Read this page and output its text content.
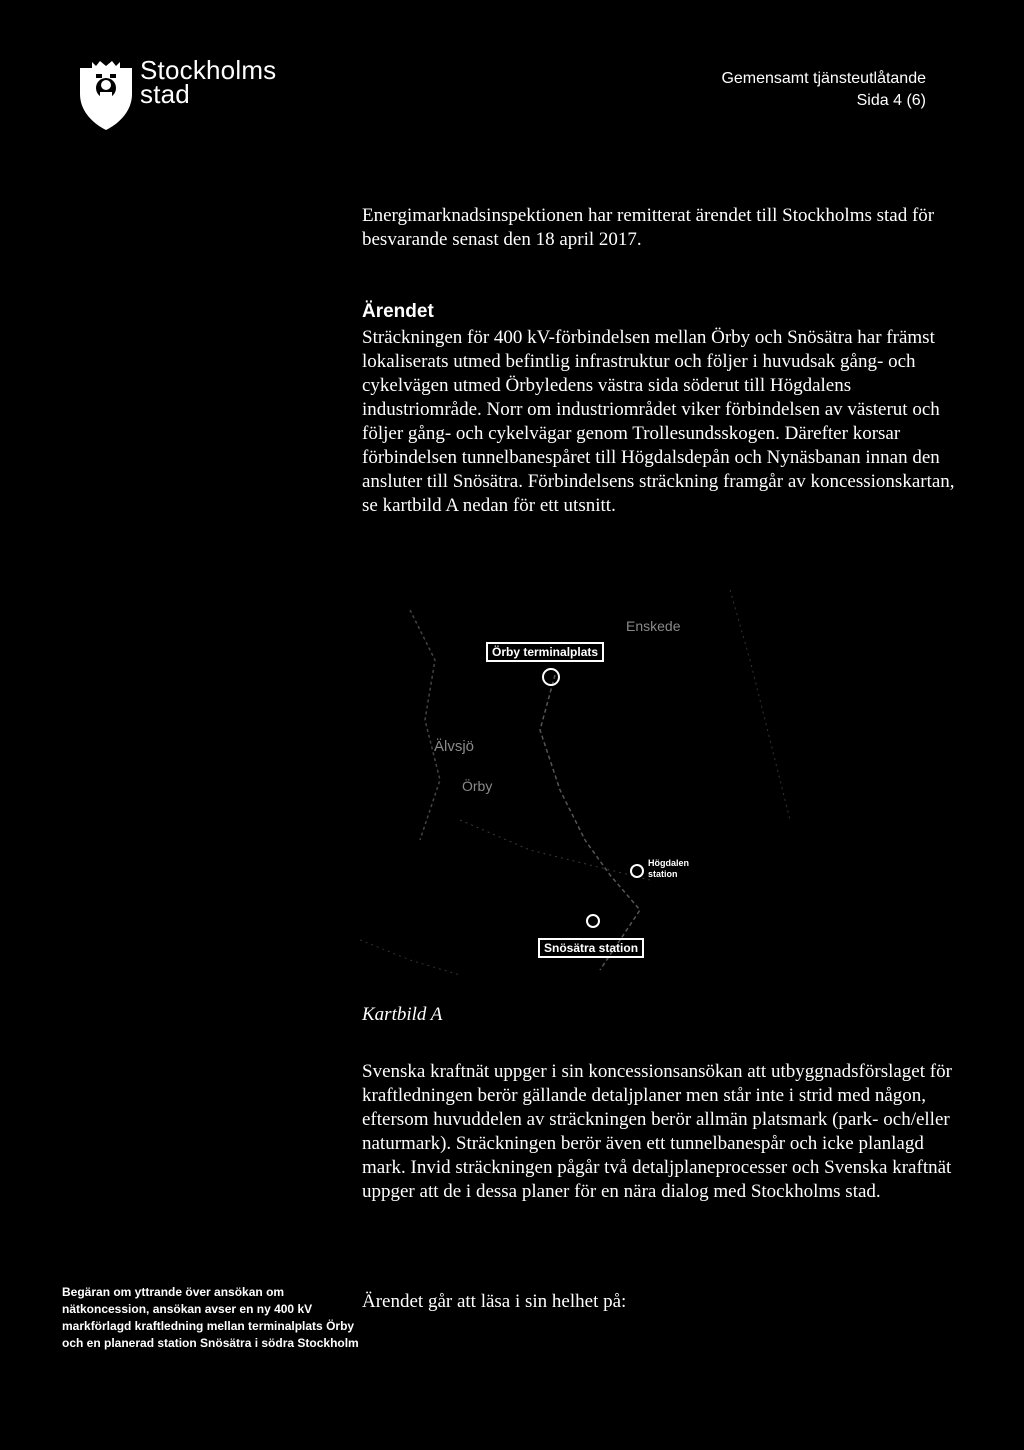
Stockholms
stad
Gemensamt tjänsteutlåtande
Sida 4 (6)

Energimarknadsinspektionen har remitterat ärendet till Stockholms stad för besvarande senast den 18 april 2017.

Ärendet

Sträckningen för 400 kV-förbindelsen mellan Örby och Snösätra har främst lokaliserats utmed befintlig infrastruktur och följer i huvudsak gång- och cykelvägen utmed Örbyledens västra sida söderut till Högdalens industriområde. Norr om industriområdet viker förbindelsen av västerut och följer gång- och cykelvägar genom Trollesundsskogen. Därefter korsar förbindelsen tunnelbanespåret till Högdalsdepån och Nynäsbanan innan den ansluter till Snösätra. Förbindelsens sträckning framgår av koncessionskartan, se kartbild A nedan för ett utsnitt.

Enskede
Örby terminalplats
Älvsjö
Örby
Högdalen station
Snösätra station
Kartbild A

Svenska kraftnät uppger i sin koncessionsansökan att utbyggnadsförslaget för kraftledningen berör gällande detaljplaner men står inte i strid med någon, eftersom huvuddelen av sträckningen berör allmän platsmark (park- och/eller naturmark). Sträckningen berör även ett tunnelbanespår och icke planlagd mark. Invid sträckningen pågår två detaljplaneprocesser och Svenska kraftnät uppger att de i dessa planer för en nära dialog med Stockholms stad.

Ärendet går att läsa i sin helhet på:

Begäran om yttrande över ansökan om nätkoncession, ansökan avser en ny 400 kV markförlagd kraftledning mellan terminalplats Örby och en planerad station Snösätra i södra Stockholm
